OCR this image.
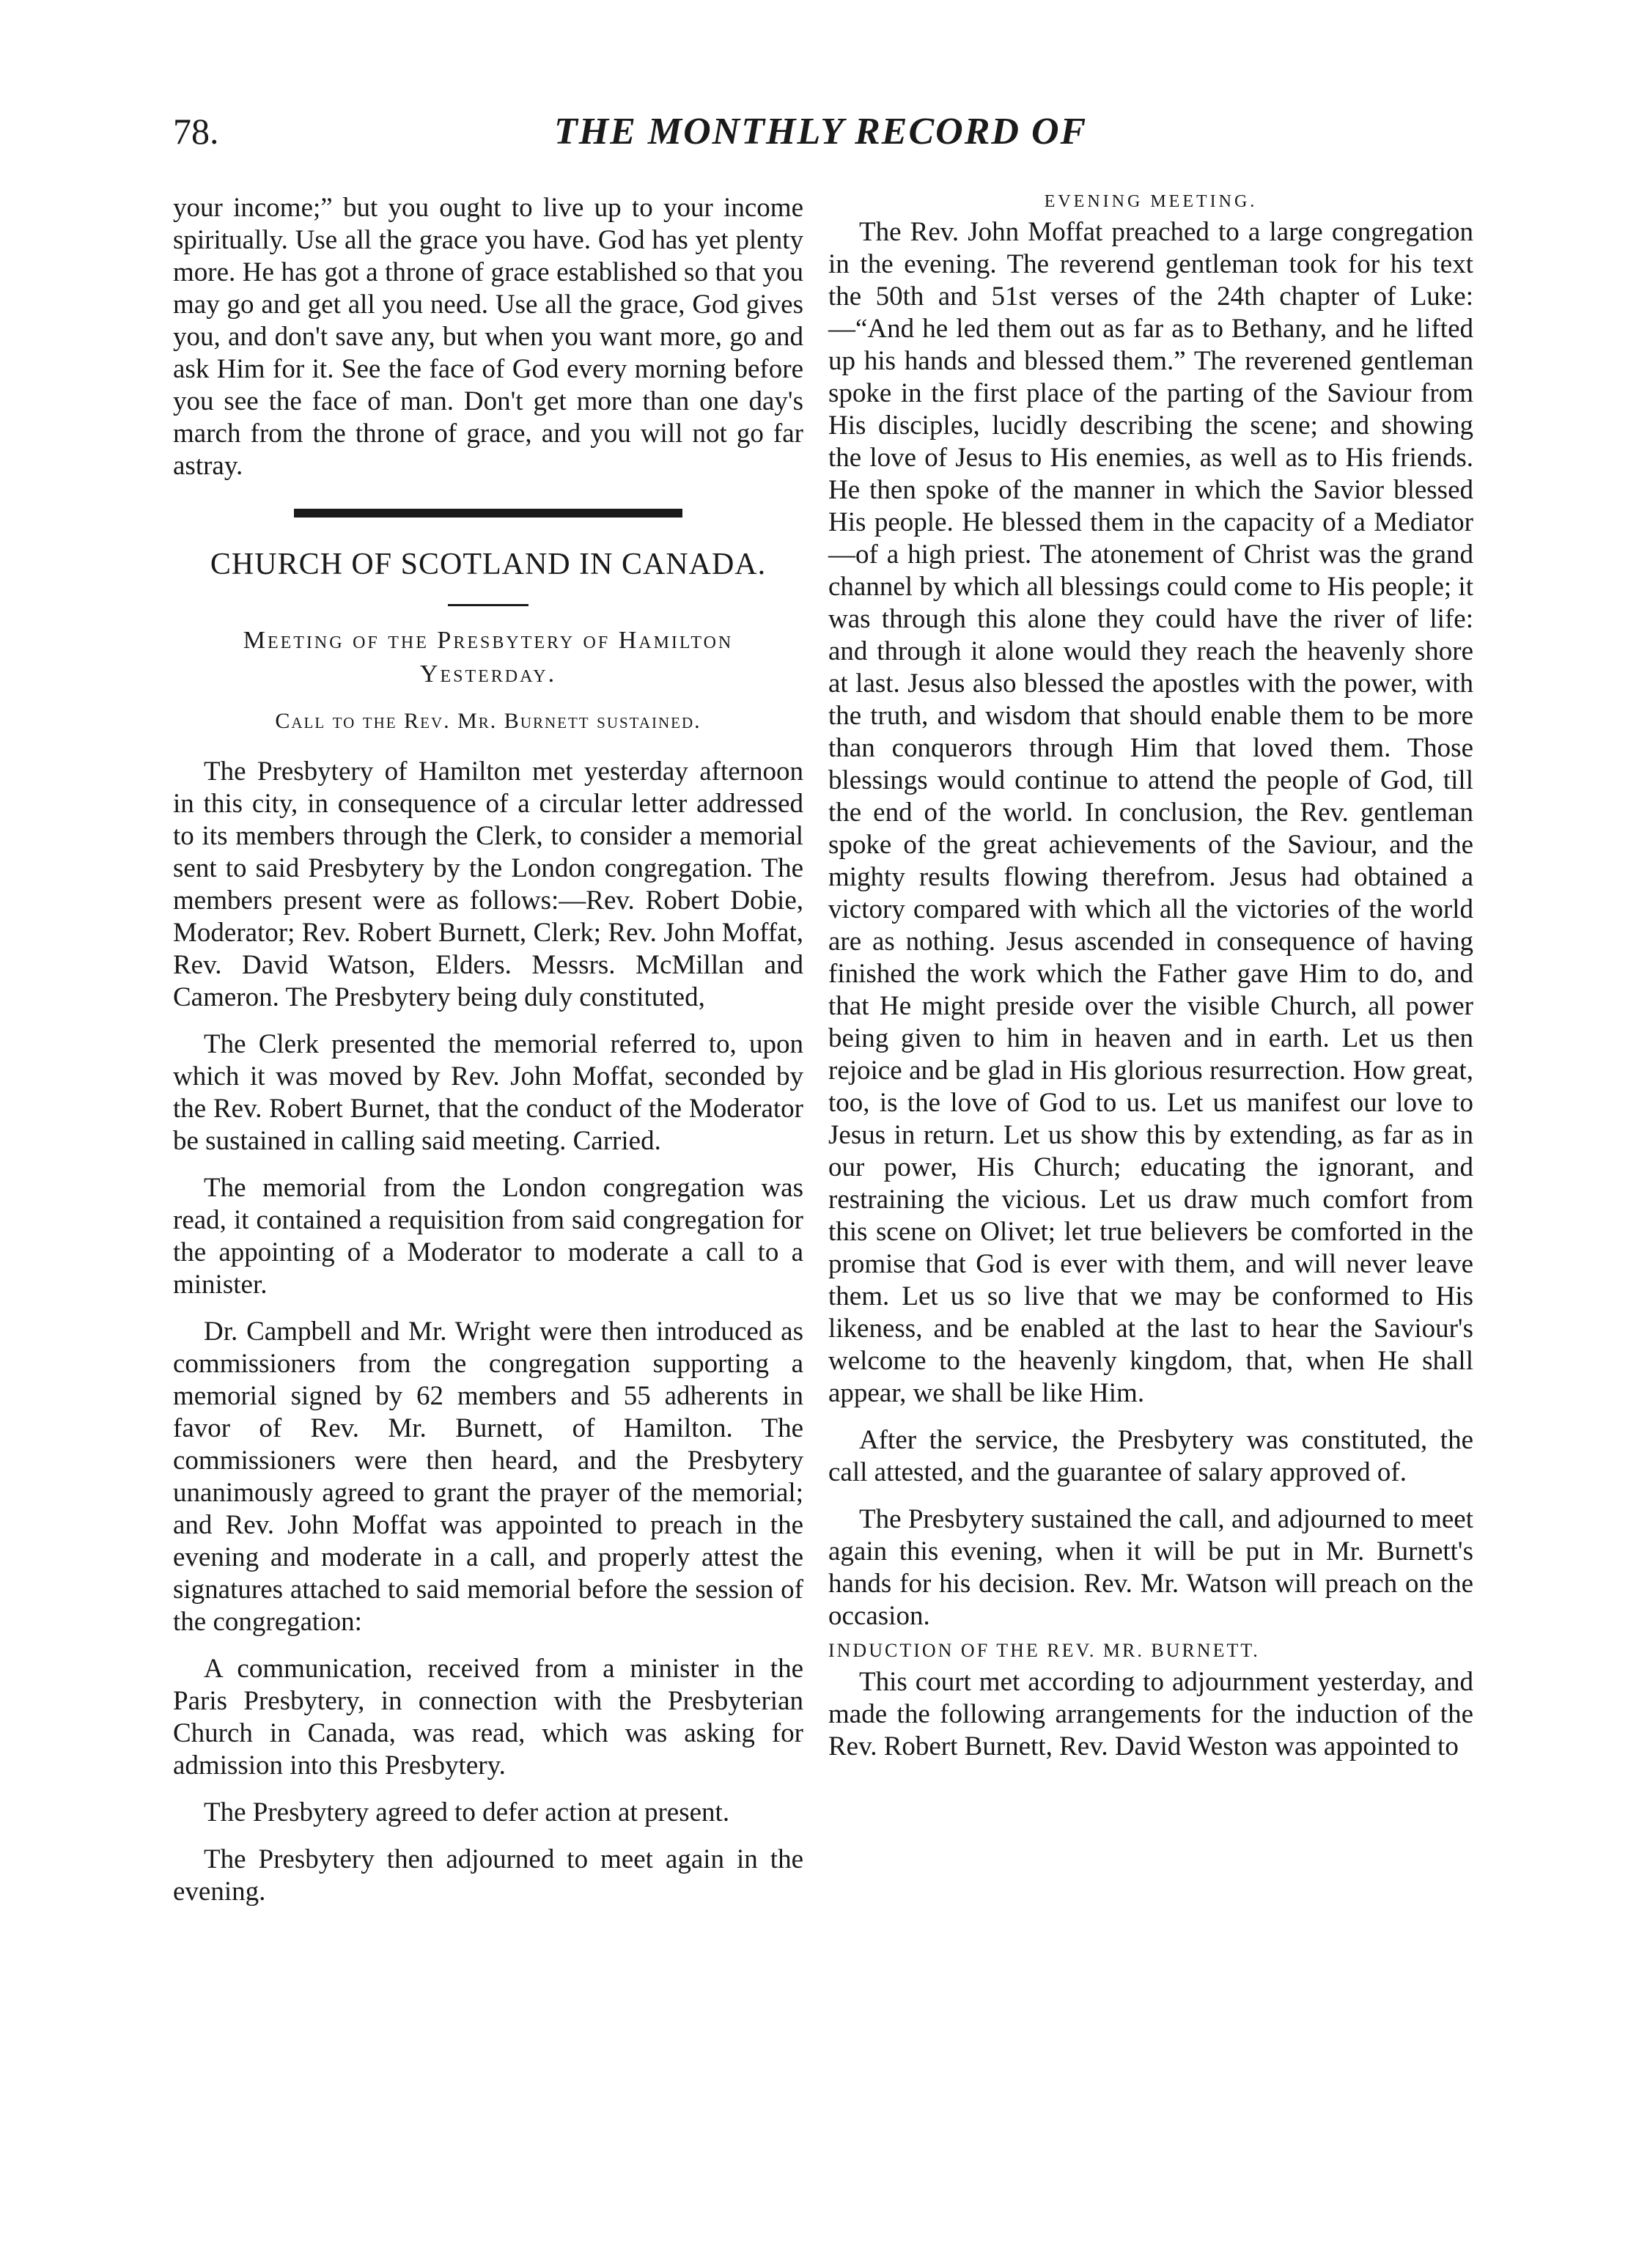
78.	THE MONTHLY RECORD OF

your income;” but you ought to live up to your income spiritually. Use all the grace you have. God has yet plenty more. He has got a throne of grace established so that you may go and get all you need. Use all the grace, God gives you, and don't save any, but when you want more, go and ask Him for it. See the face of God every morning before you see the face of man. Don't get more than one day's march from the throne of grace, and you will not go far astray.

CHURCH OF SCOTLAND IN CANADA.
Meeting of the Presbytery of Hamilton Yesterday.
Call to the Rev. Mr. Burnett sustained.

The Presbytery of Hamilton met yesterday afternoon in this city, in consequence of a circular letter addressed to its members through the Clerk, to consider a memorial sent to said Presbytery by the London congregation. The members present were as follows:—Rev. Robert Dobie, Moderator; Rev. Robert Burnett, Clerk; Rev. John Moffat, Rev. David Watson, Elders. Messrs. McMillan and Cameron. The Presbytery being duly constituted,

The Clerk presented the memorial referred to, upon which it was moved by Rev. John Moffat, seconded by the Rev. Robert Burnet, that the conduct of the Moderator be sustained in calling said meeting. Carried.

The memorial from the London congregation was read, it contained a requisition from said congregation for the appointing of a Moderator to moderate a call to a minister.

Dr. Campbell and Mr. Wright were then introduced as commissioners from the congregation supporting a memorial signed by 62 members and 55 adherents in favor of Rev. Mr. Burnett, of Hamilton. The commissioners were then heard, and the Presbytery unanimously agreed to grant the prayer of the memorial; and Rev. John Moffat was appointed to preach in the evening and moderate in a call, and properly attest the signatures attached to said memorial before the session of the congregation:

A communication, received from a minister in the Paris Presbytery, in connection with the Presbyterian Church in Canada, was read, which was asking for admission into this Presbytery.

The Presbytery agreed to defer action at present.

The Presbytery then adjourned to meet again in the evening.

EVENING MEETING.

The Rev. John Moffat preached to a large congregation in the evening. The reverend gentleman took for his text the 50th and 51st verses of the 24th chapter of Luke:—“And he led them out as far as to Bethany, and he lifted up his hands and blessed them.” The reverened gentleman spoke in the first place of the parting of the Saviour from His disciples, lucidly describing the scene; and showing the love of Jesus to His enemies, as well as to His friends. He then spoke of the manner in which the Savior blessed His people. He blessed them in the capacity of a Mediator—of a high priest. The atonement of Christ was the grand channel by which all blessings could come to His people; it was through this alone they could have the river of life: and through it alone would they reach the heavenly shore at last. Jesus also blessed the apostles with the power, with the truth, and wisdom that should enable them to be more than conquerors through Him that loved them. Those blessings would continue to attend the people of God, till the end of the world. In conclusion, the Rev. gentleman spoke of the great achievements of the Saviour, and the mighty results flowing therefrom. Jesus had obtained a victory compared with which all the victories of the world are as nothing. Jesus ascended in consequence of having finished the work which the Father gave Him to do, and that He might preside over the visible Church, all power being given to him in heaven and in earth. Let us then rejoice and be glad in His glorious resurrection. How great, too, is the love of God to us. Let us manifest our love to Jesus in return. Let us show this by extending, as far as in our power, His Church; educating the ignorant, and restraining the vicious. Let us draw much comfort from this scene on Olivet; let true believers be comforted in the promise that God is ever with them, and will never leave them. Let us so live that we may be conformed to His likeness, and be enabled at the last to hear the Saviour's welcome to the heavenly kingdom, that, when He shall appear, we shall be like Him.

After the service, the Presbytery was constituted, the call attested, and the guarantee of salary approved of.

The Presbytery sustained the call, and adjourned to meet again this evening, when it will be put in Mr. Burnett's hands for his decision. Rev. Mr. Watson will preach on the occasion.

INDUCTION OF THE REV. MR. BURNETT.

This court met according to adjournment yesterday, and made the following arrangements for the induction of the Rev. Robert Burnett, Rev. David Weston was appointed to
